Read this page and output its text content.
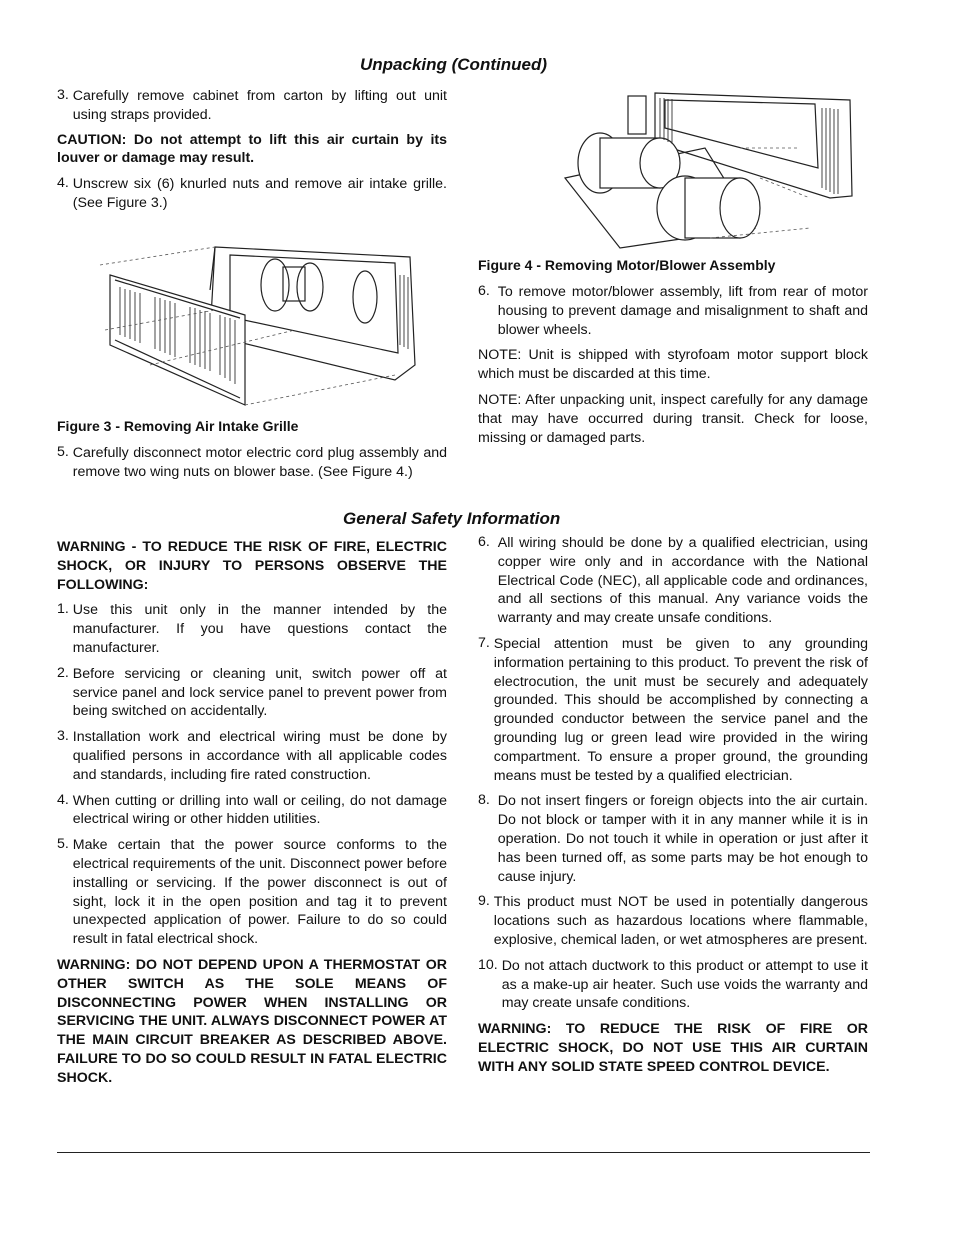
Unpacking (Continued)
General Safety Information
3.
Carefully remove cabinet from carton by lifting out unit using straps provided.

CAUTION: Do not attempt to lift this air curtain by its louver or damage may result.

4.
Unscrew six (6) knurled nuts and remove air intake grille. (See Figure 3.)
Figure 3 - Removing Air Intake Grille
5.
Carefully disconnect motor electric cord plug assembly and remove two wing nuts on blower base. (See Figure 4.)
Figure 4 - Removing Motor/Blower Assembly
6.
To remove motor/blower assembly, lift from rear of motor housing to prevent damage and misalignment to shaft and blower wheels.

NOTE: Unit is shipped with styrofoam motor support block which must be discarded at this time.

NOTE: After unpacking unit, inspect carefully for any damage that may have occurred during transit. Check for loose, missing or damaged parts.

WARNING - TO REDUCE THE RISK OF FIRE, ELECTRIC SHOCK, OR INJURY TO PERSONS OBSERVE THE FOLLOWING:

1.
Use this unit only in the manner intended by the manufacturer. If you have questions contact the manufacturer.
2.
Before servicing or cleaning unit, switch power off at service panel and lock service panel to prevent power from being switched on accidentally.
3.
Installation work and electrical wiring must be done by qualified persons in accordance with all applicable codes and standards, including fire rated construction.
4.
When cutting or drilling into wall or ceiling, do not damage electrical wiring or other hidden utilities.
5.
Make certain that the power source conforms to the electrical requirements of the unit. Disconnect power before installing or servicing. If the power disconnect is out of sight, lock it in the open position and tag it to prevent unexpected application of power. Failure to do so could result in fatal electrical shock.

WARNING: DO NOT DEPEND UPON A THERMOSTAT OR OTHER SWITCH AS THE SOLE MEANS OF DISCONNECTING POWER WHEN INSTALLING OR SERVICING THE UNIT. ALWAYS DISCONNECT POWER AT THE MAIN CIRCUIT BREAKER AS DESCRIBED ABOVE. FAILURE TO DO SO COULD RESULT IN FATAL ELECTRIC SHOCK.

6.
All wiring should be done by a qualified electrician, using copper wire only and in accordance with the National Electrical Code (NEC), all applicable code and ordinances, and all sections of this manual. Any variance voids the warranty and may create unsafe conditions.
7.
Special attention must be given to any grounding information pertaining to this product. To prevent the risk of electrocution, the unit must be securely and adequately grounded. This should be accomplished by connecting a grounded conductor between the service panel and the grounding lug or green lead wire provided in the wiring compartment. To ensure a proper ground, the grounding means must be tested by a qualified electrician.
8.
Do not insert fingers or foreign objects into the air curtain. Do not block or tamper with it in any manner while it is in operation. Do not touch it while in operation or just after it has been turned off, as some parts may be hot enough to cause injury.
9.
This product must NOT be used in potentially dangerous locations such as hazardous locations where flammable, explosive, chemical laden, or wet atmospheres are present.
10.
Do not attach ductwork to this product or attempt to use it as a make-up air heater. Such use voids the warranty and may create unsafe conditions.

WARNING: TO REDUCE THE RISK OF FIRE OR ELECTRIC SHOCK, DO NOT USE THIS AIR CURTAIN WITH ANY SOLID STATE SPEED CONTROL DEVICE.
